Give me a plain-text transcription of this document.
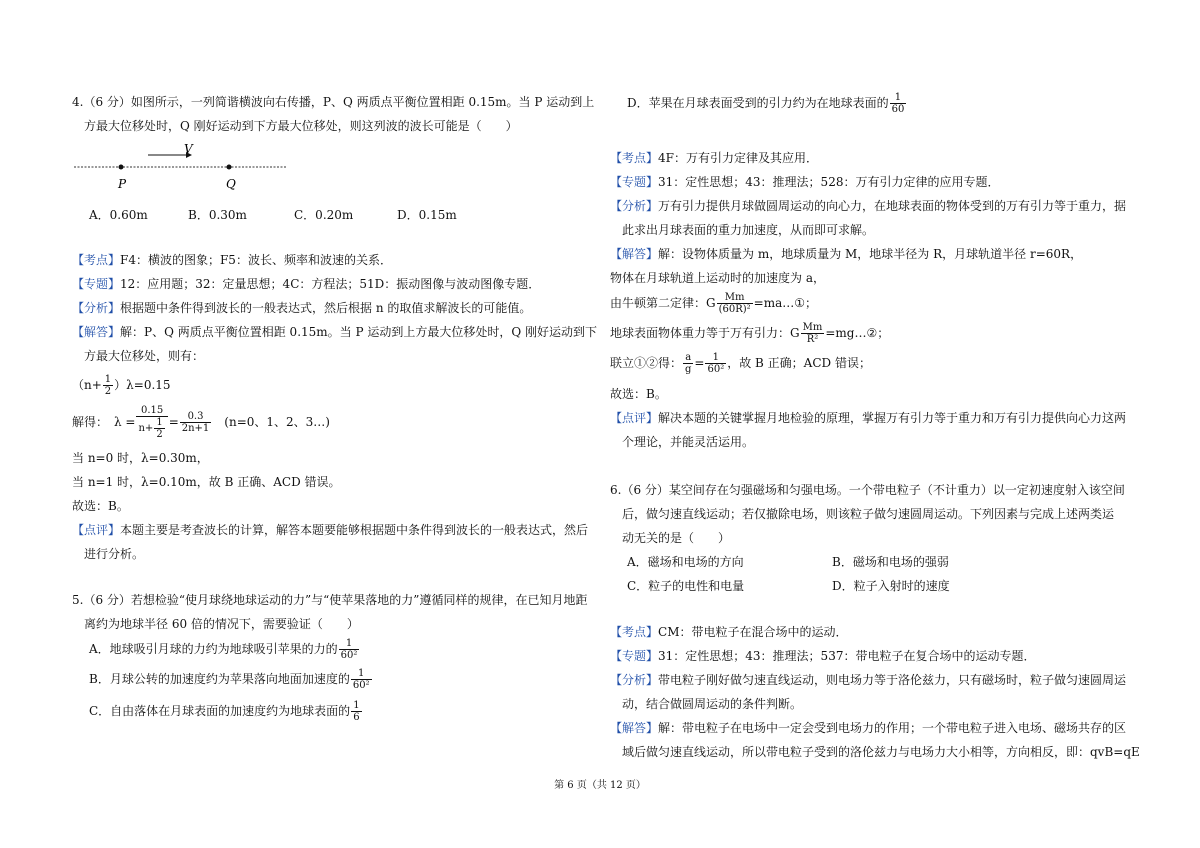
4.（6 分）如图所示，一列简谐横波向右传播，P、Q 两质点平衡位置相距 0.15m。当 P 运动到上
方最大位移处时，Q 刚好运动到下方最大位移处，则这列波的波长可能是（　　）
V
P	Q
A．0.60m	B．0.30m	C．0.20m	D．0.15m
【考点】F4：横波的图象；F5：波长、频率和波速的关系．
【专题】12：应用题；32：定量思想；4C：方程法；51D：振动图像与波动图像专题．
【分析】根据题中条件得到波长的一般表达式，然后根据 n 的取值求解波长的可能值。
【解答】解：P、Q 两质点平衡位置相距 0.15m。当 P 运动到上方最大位移处时，Q 刚好运动到下
方最大位移处，则有：
$(n+ \frac{1}{2} )\lambda=0.15$
解得：　$\lambda = \frac{0.15}{n+ \frac{1}{2}} = \frac{0.3}{2n+1}$ 　(n=0、1、2、3…)
当 n=0 时，λ=0.30m，
当 n=1 时，λ=0.10m，故 B 正确、ACD 错误。
故选：B。
【点评】本题主要是考查波长的计算，解答本题要能够根据题中条件得到波长的一般表达式，然后
进行分析。
5.（6 分）若想检验“使月球绕地球运动的力”与“使苹果落地的力”遵循同样的规律，在已知月地距
离约为地球半径 60 倍的情况下，需要验证（　　）
A．地球吸引月球的力约为地球吸引苹果的力的 $\frac{1}{\text{60²}}$
B．月球公转的加速度约为苹果落向地面加速度的 $\frac{1}{\text{60²}}$
C．自由落体在月球表面的加速度约为地球表面的 $\frac{1}{6}$
D．苹果在月球表面受到的引力约为在地球表面的 $\frac{1}{60}$
【考点】4F：万有引力定律及其应用．
【专题】31：定性思想；43：推理法；528：万有引力定律的应用专题．
【分析】万有引力提供月球做圆周运动的向心力，在地球表面的物体受到的万有引力等于重力，据
此求出月球表面的重力加速度，从而即可求解。
【解答】解：设物体质量为 m，地球质量为 M，地球半径为 R，月球轨道半径 r=60R，
物体在月球轨道上运动时的加速度为 a，
由牛顿第二定律：G $\frac{Mm}{\text{(60R)²}}$ =ma…①；
地球表面物体重力等于万有引力：G $\frac{Mm}{\text{R²}}$ =mg…②；
联立①②得： $\frac{a}{g} = \frac{1}{\text{60²}}$ ，故 B 正确；ACD 错误；
故选：B。
【点评】解决本题的关键掌握月地检验的原理，掌握万有引力等于重力和万有引力提供向心力这两
个理论，并能灵活运用。
6.（6 分）某空间存在匀强磁场和匀强电场。一个带电粒子（不计重力）以一定初速度射入该空间
后，做匀速直线运动；若仅撤除电场，则该粒子做匀速圆周运动。下列因素与完成上述两类运
动无关的是（　　）
A．磁场和电场的方向	B．磁场和电场的强弱
C．粒子的电性和电量	D．粒子入射时的速度
【考点】CM：带电粒子在混合场中的运动．
【专题】31：定性思想；43：推理法；537：带电粒子在复合场中的运动专题．
【分析】带电粒子刚好做匀速直线运动，则电场力等于洛伦兹力，只有磁场时，粒子做匀速圆周运
动，结合做圆周运动的条件判断。
【解答】解：带电粒子在电场中一定会受到电场力的作用；一个带电粒子进入电场、磁场共存的区
域后做匀速直线运动，所以带电粒子受到的洛伦兹力与电场力大小相等，方向相反，即：qvB=qE
第 6 页（共 12 页）
